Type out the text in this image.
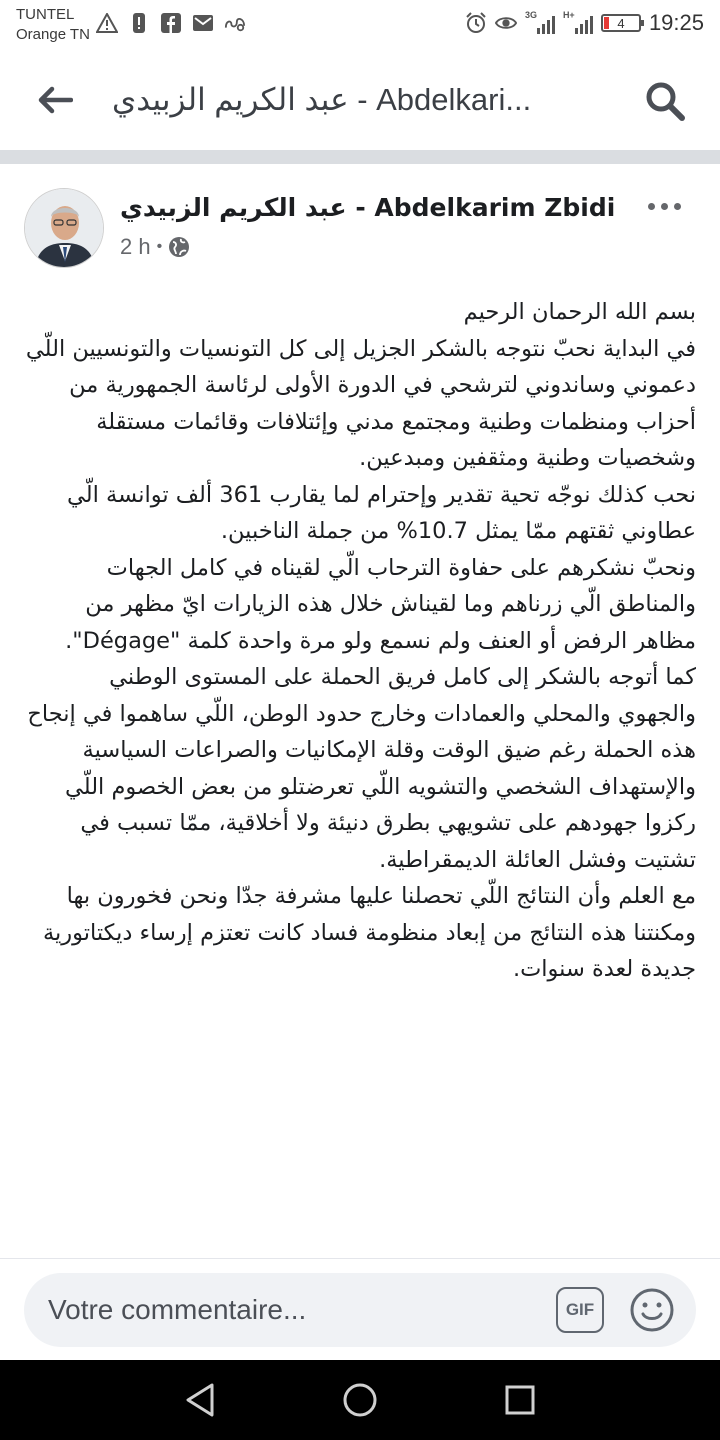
TUNTEL
Orange TN
3G	H+
4 19:25
عبد الكريم الزبيدي - Abdelkari...
عبد الكريم الزبيدي - Abdelkarim Zbidi
2 h •

بسم الله الرحمان الرحيم

في البداية نحبّ نتوجه بالشكر الجزيل إلى كل التونسيات والتونسيين اللّي دعموني وساندوني لترشحي في الدورة الأولى لرئاسة الجمهورية من أحزاب ومنظمات وطنية ومجتمع مدني وإئتلافات وقائمات مستقلة وشخصيات وطنية ومثقفين ومبدعين.

نحب كذلك نوجّه تحية تقدير وإحترام لما يقارب 361 ألف توانسة الّي عطاوني ثقتهم ممّا يمثل 10.7% من جملة الناخبين.

ونحبّ نشكرهم على حفاوة الترحاب الّي لقيناه في كامل الجهات والمناطق الّي زرناهم وما لقيناش خلال هذه الزيارات ايّ مظهر من مظاهر الرفض أو العنف ولم نسمع ولو مرة واحدة كلمة "Dégage".

كما أتوجه بالشكر إلى كامل فريق الحملة على المستوى الوطني والجهوي والمحلي والعمادات وخارج حدود الوطن، اللّي ساهموا في إنجاح هذه الحملة رغم ضيق الوقت وقلة الإمكانيات والصراعات السياسية والإستهداف الشخصي والتشويه اللّي تعرضتلو من بعض الخصوم اللّي ركزوا جهودهم على تشويهي بطرق دنيئة ولا أخلاقية، ممّا تسبب في تشتيت وفشل العائلة الديمقراطية.

مع العلم وأن النتائج اللّي تحصلنا عليها مشرفة جدّا ونحن فخورون بها ومكنتنا هذه النتائج من إبعاد منظومة فساد كانت تعتزم إرساء ديكتاتورية جديدة لعدة سنوات.

Votre commentaire...
GIF
